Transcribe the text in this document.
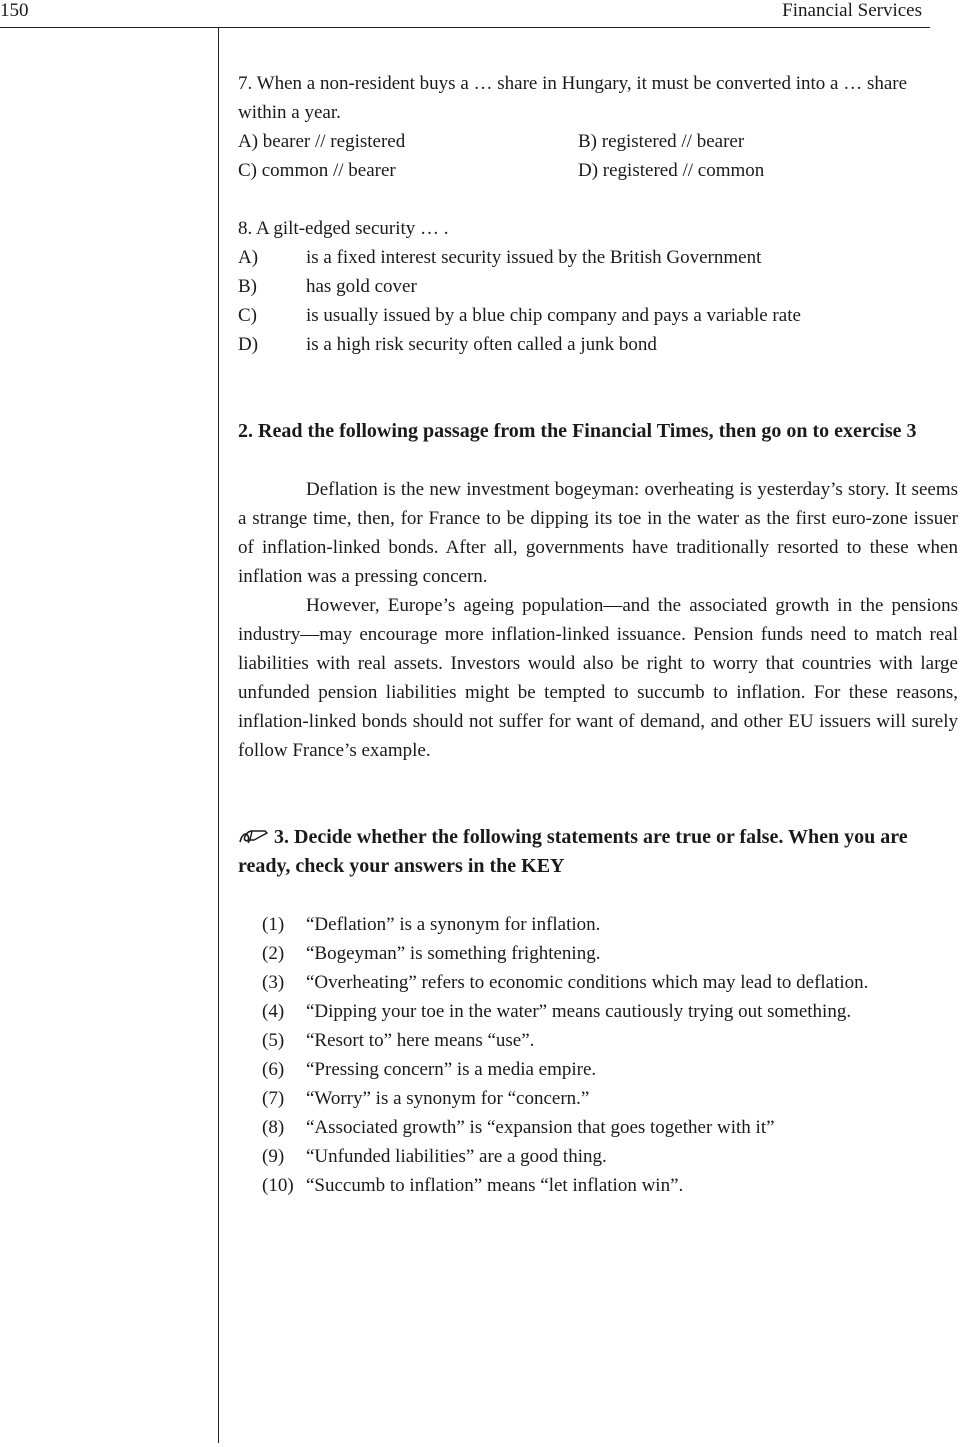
150	Financial Services

7. When a non-resident buys a … share in Hungary, it must be converted into a … share within a year.

A) bearer // registered	B) registered // bearer
C) common // bearer	D) registered // common
8. A gilt-edged security … .
A)	is a fixed interest security issued by the British Government
B)	has gold cover
C)	is usually issued by a blue chip company and pays a variable rate
D)	is a high risk security often called a junk bond
2. Read the following passage from the Financial Times, then go on to exercise 3

Deflation is the new investment bogeyman: overheating is yesterday’s story. It seems a strange time, then, for France to be dipping its toe in the water as the first euro-zone issuer of inflation-linked bonds. After all, governments have traditionally resorted to these when inflation was a pressing concern.

However, Europe’s ageing population—and the associated growth in the pensions industry—may encourage more inflation-linked issuance. Pension funds need to match real liabilities with real assets. Investors would also be right to worry that countries with large unfunded pension liabilities might be tempted to succumb to inflation. For these reasons, inflation-linked bonds should not suffer for want of demand, and other EU issuers will surely follow France’s example.

3. Decide whether the following statements are true or false. When you are ready, check your answers in the KEY
(1)	“Deflation” is a synonym for inflation.
(2)	“Bogeyman” is something frightening.
(3)	“Overheating” refers to economic conditions which may lead to deflation.
(4)	“Dipping your toe in the water” means cautiously trying out something.
(5)	“Resort to” here means “use”.
(6)	“Pressing concern” is a media empire.
(7)	“Worry” is a synonym for “concern.”
(8)	“Associated growth” is “expansion that goes together with it”
(9)	“Unfunded liabilities” are a good thing.
(10) “Succumb to inflation” means “let inflation win”.
